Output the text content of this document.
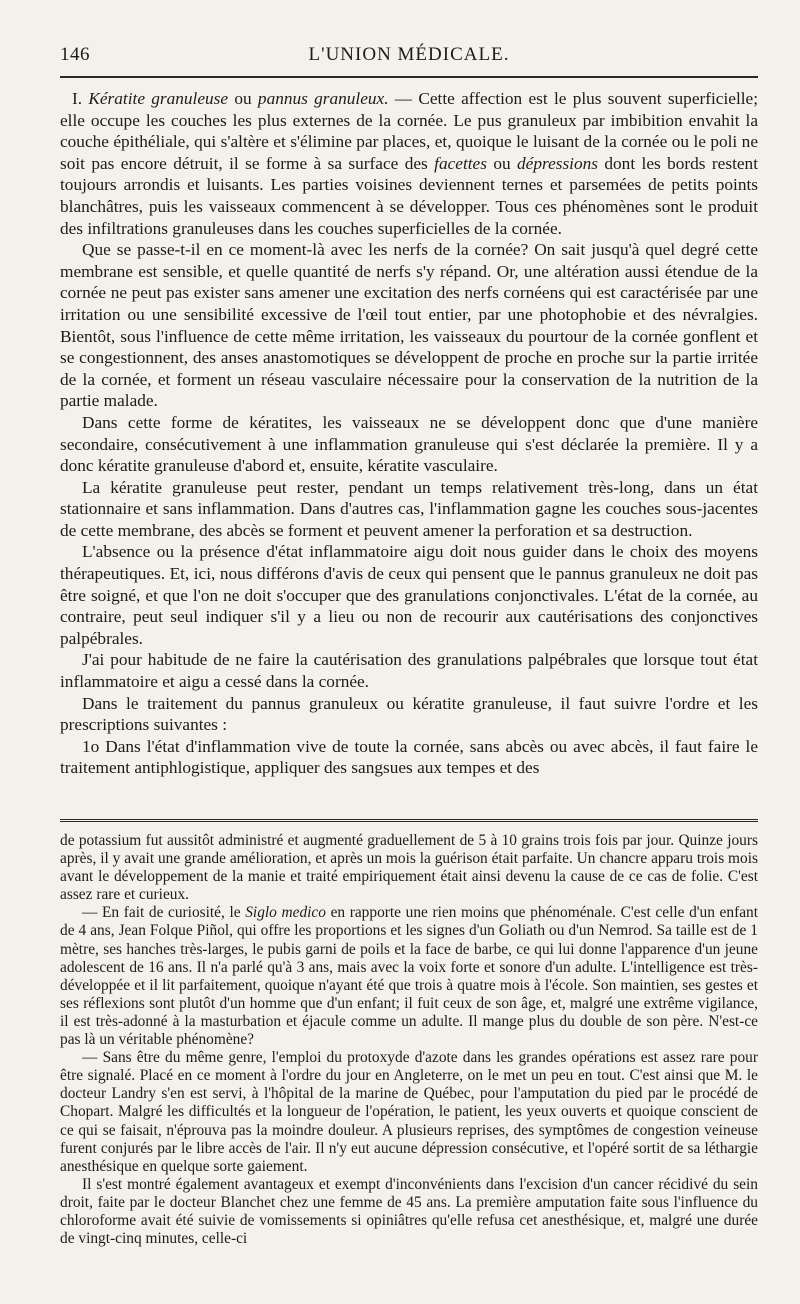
146	L'UNION MÉDICALE.

I. Kératite granuleuse ou pannus granuleux. — Cette affection est le plus souvent superficielle; elle occupe les couches les plus externes de la cornée. Le pus granuleux par imbibition envahit la couche épithéliale, qui s'altère et s'élimine par places, et, quoique le luisant de la cornée ou le poli ne soit pas encore détruit, il se forme à sa surface des facettes ou dépressions dont les bords restent toujours arrondis et luisants. Les parties voisines deviennent ternes et parsemées de petits points blanchâtres, puis les vaisseaux commencent à se développer. Tous ces phénomènes sont le produit des infiltrations granuleuses dans les couches superficielles de la cornée.

Que se passe-t-il en ce moment-là avec les nerfs de la cornée? On sait jusqu'à quel degré cette membrane est sensible, et quelle quantité de nerfs s'y répand. Or, une altération aussi étendue de la cornée ne peut pas exister sans amener une excitation des nerfs cornéens qui est caractérisée par une irritation ou une sensibilité excessive de l'œil tout entier, par une photophobie et des névralgies. Bientôt, sous l'influence de cette même irritation, les vaisseaux du pourtour de la cornée gonflent et se congestionnent, des anses anastomotiques se développent de proche en proche sur la partie irritée de la cornée, et forment un réseau vasculaire nécessaire pour la conservation de la nutrition de la partie malade.

Dans cette forme de kératites, les vaisseaux ne se développent donc que d'une manière secondaire, consécutivement à une inflammation granuleuse qui s'est déclarée la première. Il y a donc kératite granuleuse d'abord et, ensuite, kératite vasculaire.

La kératite granuleuse peut rester, pendant un temps relativement très-long, dans un état stationnaire et sans inflammation. Dans d'autres cas, l'inflammation gagne les couches sous-jacentes de cette membrane, des abcès se forment et peuvent amener la perforation et sa destruction.

L'absence ou la présence d'état inflammatoire aigu doit nous guider dans le choix des moyens thérapeutiques. Et, ici, nous différons d'avis de ceux qui pensent que le pannus granuleux ne doit pas être soigné, et que l'on ne doit s'occuper que des granulations conjonctivales. L'état de la cornée, au contraire, peut seul indiquer s'il y a lieu ou non de recourir aux cautérisations des conjonctives palpébrales.

J'ai pour habitude de ne faire la cautérisation des granulations palpébrales que lorsque tout état inflammatoire et aigu a cessé dans la cornée.

Dans le traitement du pannus granuleux ou kératite granuleuse, il faut suivre l'ordre et les prescriptions suivantes :

1o Dans l'état d'inflammation vive de toute la cornée, sans abcès ou avec abcès, il faut faire le traitement antiphlogistique, appliquer des sangsues aux tempes et des

de potassium fut aussitôt administré et augmenté graduellement de 5 à 10 grains trois fois par jour. Quinze jours après, il y avait une grande amélioration, et après un mois la guérison était parfaite. Un chancre apparu trois mois avant le développement de la manie et traité empiriquement était ainsi devenu la cause de ce cas de folie. C'est assez rare et curieux.

— En fait de curiosité, le Siglo medico en rapporte une rien moins que phénoménale. C'est celle d'un enfant de 4 ans, Jean Folque Piñol, qui offre les proportions et les signes d'un Goliath ou d'un Nemrod. Sa taille est de 1 mètre, ses hanches très-larges, le pubis garni de poils et la face de barbe, ce qui lui donne l'apparence d'un jeune adolescent de 16 ans. Il n'a parlé qu'à 3 ans, mais avec la voix forte et sonore d'un adulte. L'intelligence est très-développée et il lit parfaitement, quoique n'ayant été que trois à quatre mois à l'école. Son maintien, ses gestes et ses réflexions sont plutôt d'un homme que d'un enfant; il fuit ceux de son âge, et, malgré une extrême vigilance, il est très-adonné à la masturbation et éjacule comme un adulte. Il mange plus du double de son père. N'est-ce pas là un véritable phénomène?

— Sans être du même genre, l'emploi du protoxyde d'azote dans les grandes opérations est assez rare pour être signalé. Placé en ce moment à l'ordre du jour en Angleterre, on le met un peu en tout. C'est ainsi que M. le docteur Landry s'en est servi, à l'hôpital de la marine de Québec, pour l'amputation du pied par le procédé de Chopart. Malgré les difficultés et la longueur de l'opération, le patient, les yeux ouverts et quoique conscient de ce qui se faisait, n'éprouva pas la moindre douleur. A plusieurs reprises, des symptômes de congestion veineuse furent conjurés par le libre accès de l'air. Il n'y eut aucune dépression consécutive, et l'opéré sortit de sa léthargie anesthésique en quelque sorte gaiement.

Il s'est montré également avantageux et exempt d'inconvénients dans l'excision d'un cancer récidivé du sein droit, faite par le docteur Blanchet chez une femme de 45 ans. La première amputation faite sous l'influence du chloroforme avait été suivie de vomissements si opiniâtres qu'elle refusa cet anesthésique, et, malgré une durée de vingt-cinq minutes, celle-ci
